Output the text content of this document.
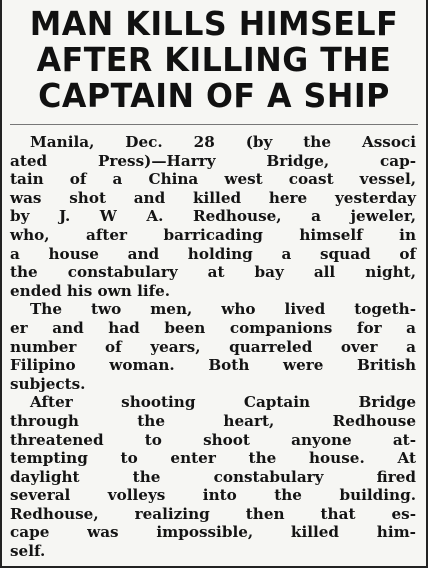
MAN KILLS HIMSELF
AFTER KILLING THE
CAPTAIN OF A SHIP

Manila, Dec. 28 (by the Associ
ated Press)—Harry Bridge, cap-
tain of a China west coast vessel,
was shot and killed here yesterday
by J. W A. Redhouse, a jeweler,
who, after barricading himself in
a house and holding a squad of
the constabulary at bay all night,
ended his own life.

The two men, who lived togeth-
er and had been companions for a
number of years, quarreled over a
Filipino woman. Both were British
subjects.

After shooting Captain Bridge
through the heart, Redhouse
threatened to shoot anyone at-
tempting to enter the house. At
daylight the constabulary fired
several volleys into the building.
Redhouse, realizing then that es-
cape was impossible, killed him-
self.
